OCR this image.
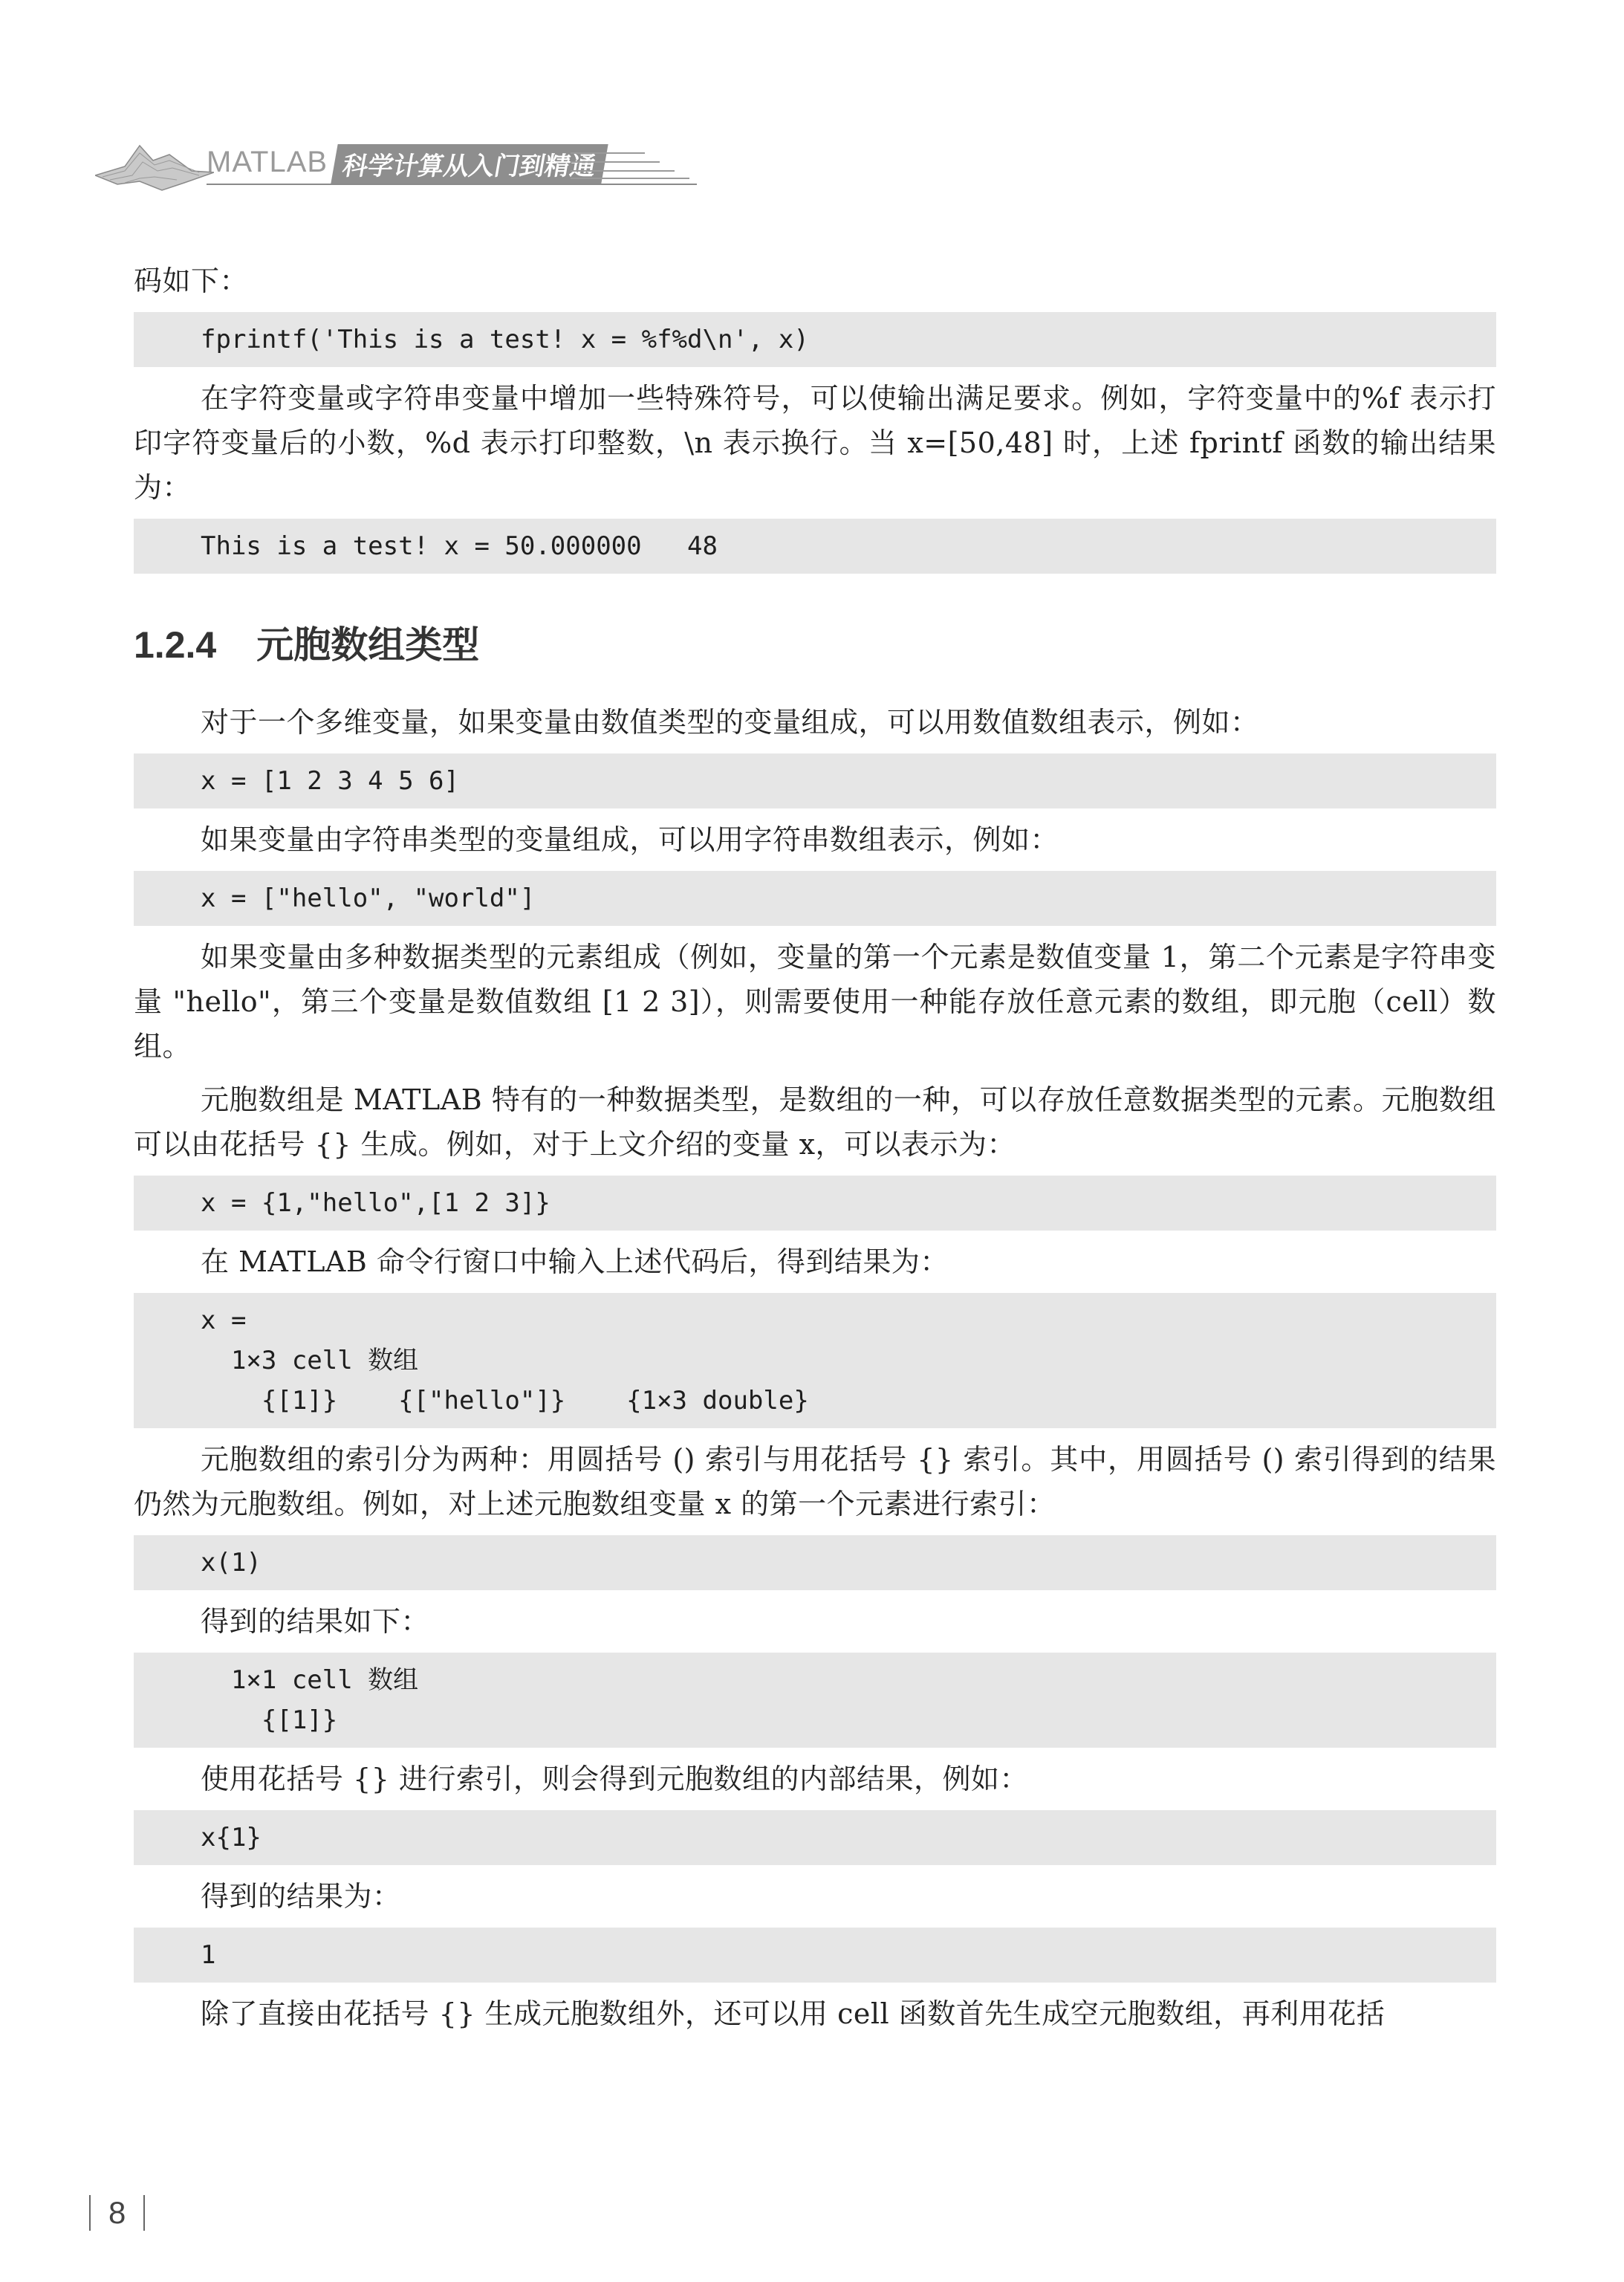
MATLAB 科学计算从入门到精通

码如下：

fprintf('This is a test! x = %f%d\n', x)

在字符变量或字符串变量中增加一些特殊符号，可以使输出满足要求。例如，字符变量中的%f 表示打印字符变量后的小数，%d 表示打印整数，\n 表示换行。当 x=[50,48] 时，上述 fprintf 函数的输出结果为：

This is a test! x = 50.000000   48
1.2.4 元胞数组类型

对于一个多维变量，如果变量由数值类型的变量组成，可以用数值数组表示，例如：

x = [1 2 3 4 5 6]

如果变量由字符串类型的变量组成，可以用字符串数组表示，例如：

x = ["hello", "world"]

如果变量由多种数据类型的元素组成（例如，变量的第一个元素是数值变量 1，第二个元素是字符串变量 "hello"，第三个变量是数值数组 [1 2 3]），则需要使用一种能存放任意元素的数组，即元胞（cell）数组。

元胞数组是 MATLAB 特有的一种数据类型，是数组的一种，可以存放任意数据类型的元素。元胞数组可以由花括号 {} 生成。例如，对于上文介绍的变量 x，可以表示为：

x = {1,"hello",[1 2 3]}

在 MATLAB 命令行窗口中输入上述代码后，得到结果为：

x =
1×3 cell 数组
{[1]}    {["hello"]}    {1×3 double}

元胞数组的索引分为两种：用圆括号 () 索引与用花括号 {} 索引。其中，用圆括号 () 索引得到的结果仍然为元胞数组。例如，对上述元胞数组变量 x 的第一个元素进行索引：

x(1)

得到的结果如下：

1×1 cell 数组
{[1]}

使用花括号 {} 进行索引，则会得到元胞数组的内部结果，例如：

x{1}

得到的结果为：

1

除了直接由花括号 {} 生成元胞数组外，还可以用 cell 函数首先生成空元胞数组，再利用花括

8
